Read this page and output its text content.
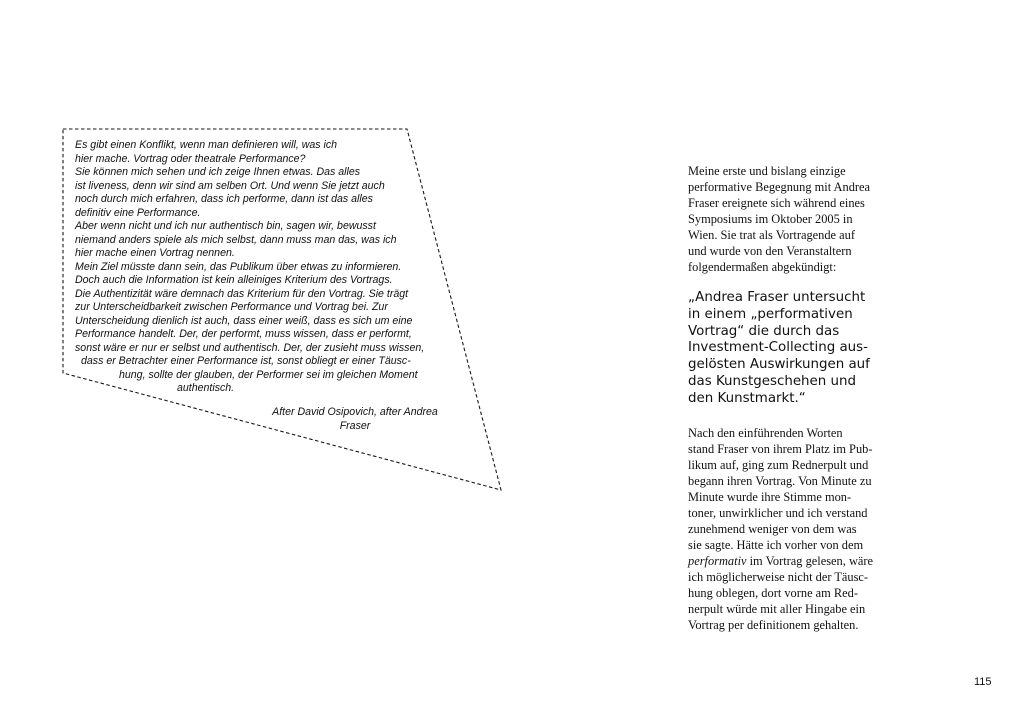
Es gibt einen Konflikt, wenn man definieren will, was ich
hier mache. Vortrag oder theatrale Performance?
Sie können mich sehen und ich zeige Ihnen etwas. Das alles
ist liveness, denn wir sind am selben Ort. Und wenn Sie jetzt auch
noch durch mich erfahren, dass ich performe, dann ist das alles
definitiv eine Performance.
Aber wenn nicht und ich nur authentisch bin, sagen wir, bewusst
niemand anders spiele als mich selbst, dann muss man das, was ich
hier mache einen Vortrag nennen.
Mein Ziel müsste dann sein, das Publikum über etwas zu informieren.
Doch auch die Information ist kein alleiniges Kriterium des Vortrags.
Die Authentizität wäre demnach das Kriterium für den Vortrag. Sie trägt
zur Unterscheidbarkeit zwischen Performance und Vortrag bei. Zur
Unterscheidung dienlich ist auch, dass einer weiß, dass es sich um eine
Performance handelt. Der, der performt, muss wissen, dass er performt,
sonst wäre er nur er selbst und authentisch. Der, der zusieht muss wissen,
dass er Betrachter einer Performance ist, sonst obliegt er einer Täusc-
hung, sollte der glauben, der Performer sei im gleichen Moment
authentisch.
After David Osipovich, after Andrea
Fraser
Meine erste und bislang einzige
performative Begegnung mit Andrea
Fraser ereignete sich während eines
Symposiums im Oktober 2005 in
Wien. Sie trat als Vortragende auf
und wurde von den Veranstaltern
folgendermaßen abgekündigt:
„Andrea Fraser untersucht
in einem „performativen
Vortrag“ die durch das
Investment-Collecting aus-
gelösten Auswirkungen auf
das Kunstgeschehen und
den Kunstmarkt.“
Nach den einführenden Worten
stand Fraser von ihrem Platz im Pub-
likum auf, ging zum Rednerpult und
begann ihren Vortrag. Von Minute zu
Minute wurde ihre Stimme mon-
toner, unwirklicher und ich verstand
zunehmend weniger von dem was
sie sagte. Hätte ich vorher von dem
performativ im Vortrag gelesen, wäre
ich möglicherweise nicht der Täusc-
hung oblegen, dort vorne am Red-
nerpult würde mit aller Hingabe ein
Vortrag per definitionem gehalten.
115
